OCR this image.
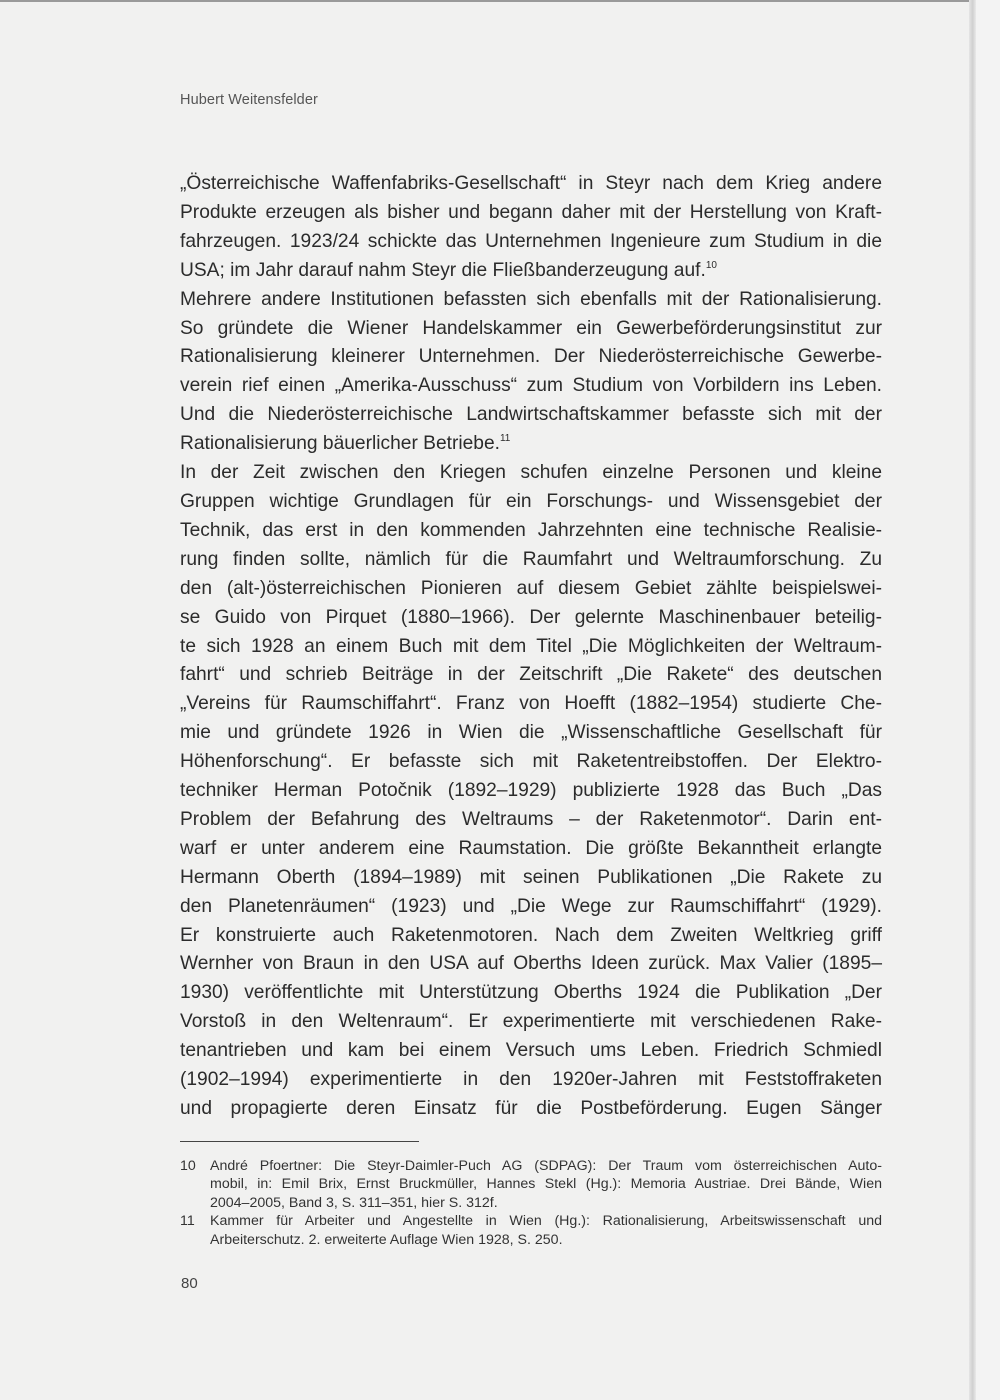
Hubert Weitensfelder

„Österreichische Waffenfabriks-Gesellschaft“ in Steyr nach dem Krieg andere
Produkte erzeugen als bisher und begann daher mit der Herstellung von Kraft-
fahrzeugen. 1923/24 schickte das Unternehmen Ingenieure zum Studium in die
USA; im Jahr darauf nahm Steyr die Fließbanderzeugung auf.$^{10}$

Mehrere andere Institutionen befassten sich ebenfalls mit der Rationalisierung.
So gründete die Wiener Handelskammer ein Gewerbeförderungsinstitut zur
Rationalisierung kleinerer Unternehmen. Der Niederösterreichische Gewerbe-
verein rief einen „Amerika-Ausschuss“ zum Studium von Vorbildern ins Leben.
Und die Niederösterreichische Landwirtschaftskammer befasste sich mit der
Rationalisierung bäuerlicher Betriebe.$^{11}$

In der Zeit zwischen den Kriegen schufen einzelne Personen und kleine
Gruppen wichtige Grundlagen für ein Forschungs- und Wissensgebiet der
Technik, das erst in den kommenden Jahrzehnten eine technische Realisie-
rung finden sollte, nämlich für die Raumfahrt und Weltraumforschung. Zu
den (alt-)österreichischen Pionieren auf diesem Gebiet zählte beispielswei-
se Guido von Pirquet (1880–1966). Der gelernte Maschinenbauer beteilig-
te sich 1928 an einem Buch mit dem Titel „Die Möglichkeiten der Weltraum-
fahrt“ und schrieb Beiträge in der Zeitschrift „Die Rakete“ des deutschen
„Vereins für Raumschiffahrt“. Franz von Hoefft (1882–1954) studierte Che-
mie und gründete 1926 in Wien die „Wissenschaftliche Gesellschaft für
Höhenforschung“. Er befasste sich mit Raketentreibstoffen. Der Elektro-
techniker Herman Potočnik (1892–1929) publizierte 1928 das Buch „Das
Problem der Befahrung des Weltraums – der Raketenmotor“. Darin ent-
warf er unter anderem eine Raumstation. Die größte Bekanntheit erlangte
Hermann Oberth (1894–1989) mit seinen Publikationen „Die Rakete zu
den Planetenräumen“ (1923) und „Die Wege zur Raumschiffahrt“ (1929).
Er konstruierte auch Raketenmotoren. Nach dem Zweiten Weltkrieg griff
Wernher von Braun in den USA auf Oberths Ideen zurück. Max Valier (1895–
1930) veröffentlichte mit Unterstützung Oberths 1924 die Publikation „Der
Vorstoß in den Weltenraum“. Er experimentierte mit verschiedenen Rake-
tenantrieben und kam bei einem Versuch ums Leben. Friedrich Schmiedl
(1902–1994) experimentierte in den 1920er-Jahren mit Feststoffraketen
und propagierte deren Einsatz für die Postbeförderung. Eugen Sänger

10	André Pfoertner: Die Steyr-Daimler-Puch AG (SDPAG): Der Traum vom österreichischen Auto-
mobil, in: Emil Brix, Ernst Bruckmüller, Hannes Stekl (Hg.): Memoria Austriae. Drei Bände, Wien
2004–2005, Band 3, S. 311–351, hier S. 312f.
11	Kammer für Arbeiter und Angestellte in Wien (Hg.): Rationalisierung, Arbeitswissenschaft und
Arbeiterschutz. 2. erweiterte Auflage Wien 1928, S. 250.
80
